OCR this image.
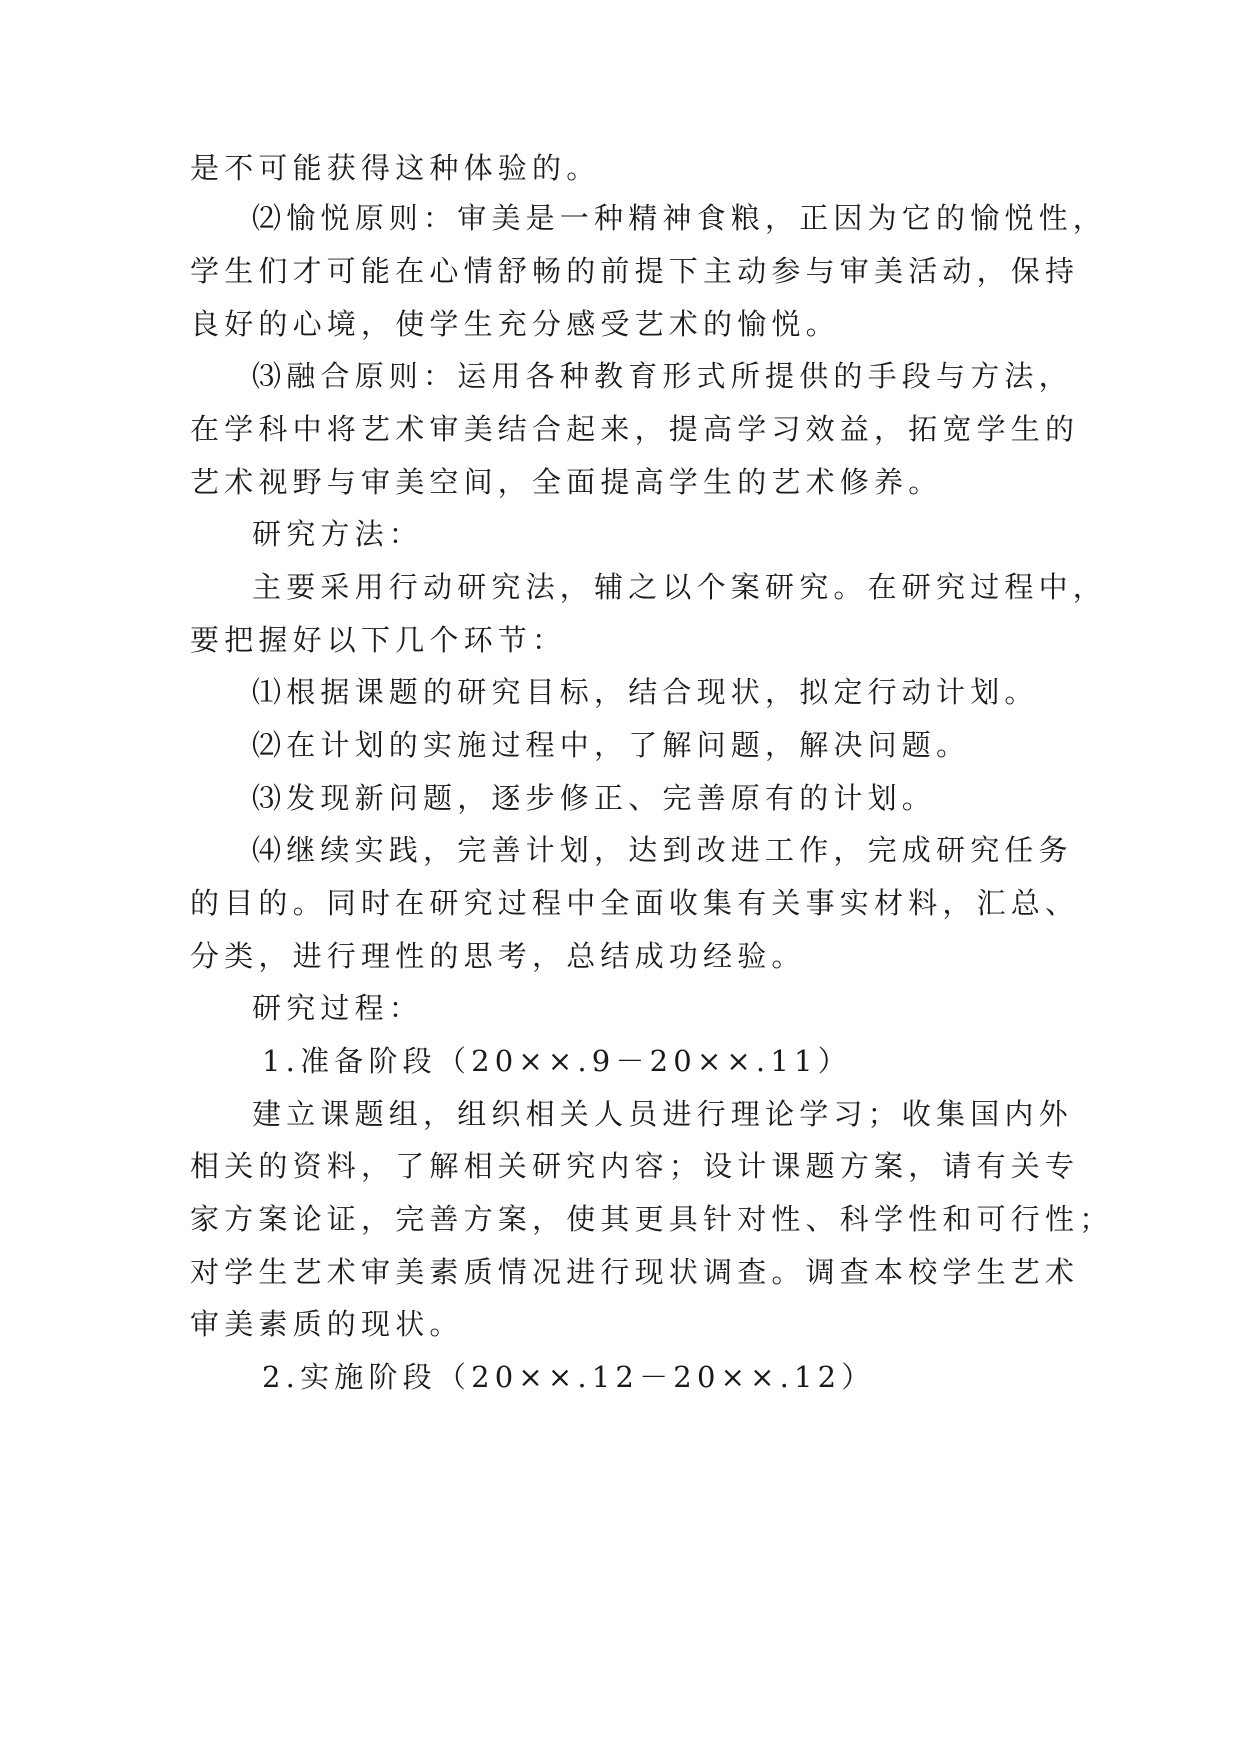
是不可能获得这种体验的。
⑵愉悦原则：审美是一种精神食粮，正因为它的愉悦性，
学生们才可能在心情舒畅的前提下主动参与审美活动，保持
良好的心境，使学生充分感受艺术的愉悦。
⑶融合原则：运用各种教育形式所提供的手段与方法，
在学科中将艺术审美结合起来，提高学习效益，拓宽学生的
艺术视野与审美空间，全面提高学生的艺术修养。
研究方法：
主要采用行动研究法，辅之以个案研究。在研究过程中，
要把握好以下几个环节：
⑴根据课题的研究目标，结合现状，拟定行动计划。
⑵在计划的实施过程中，了解问题，解决问题。
⑶发现新问题，逐步修正、完善原有的计划。
⑷继续实践，完善计划，达到改进工作，完成研究任务
的目的。同时在研究过程中全面收集有关事实材料，汇总、
分类，进行理性的思考，总结成功经验。
研究过程：
1.准备阶段（20××.9－20××.11）
建立课题组，组织相关人员进行理论学习；收集国内外
相关的资料，了解相关研究内容；设计课题方案，请有关专
家方案论证，完善方案，使其更具针对性、科学性和可行性；
对学生艺术审美素质情况进行现状调查。调查本校学生艺术
审美素质的现状。
2.实施阶段（20××.12－20××.12）
